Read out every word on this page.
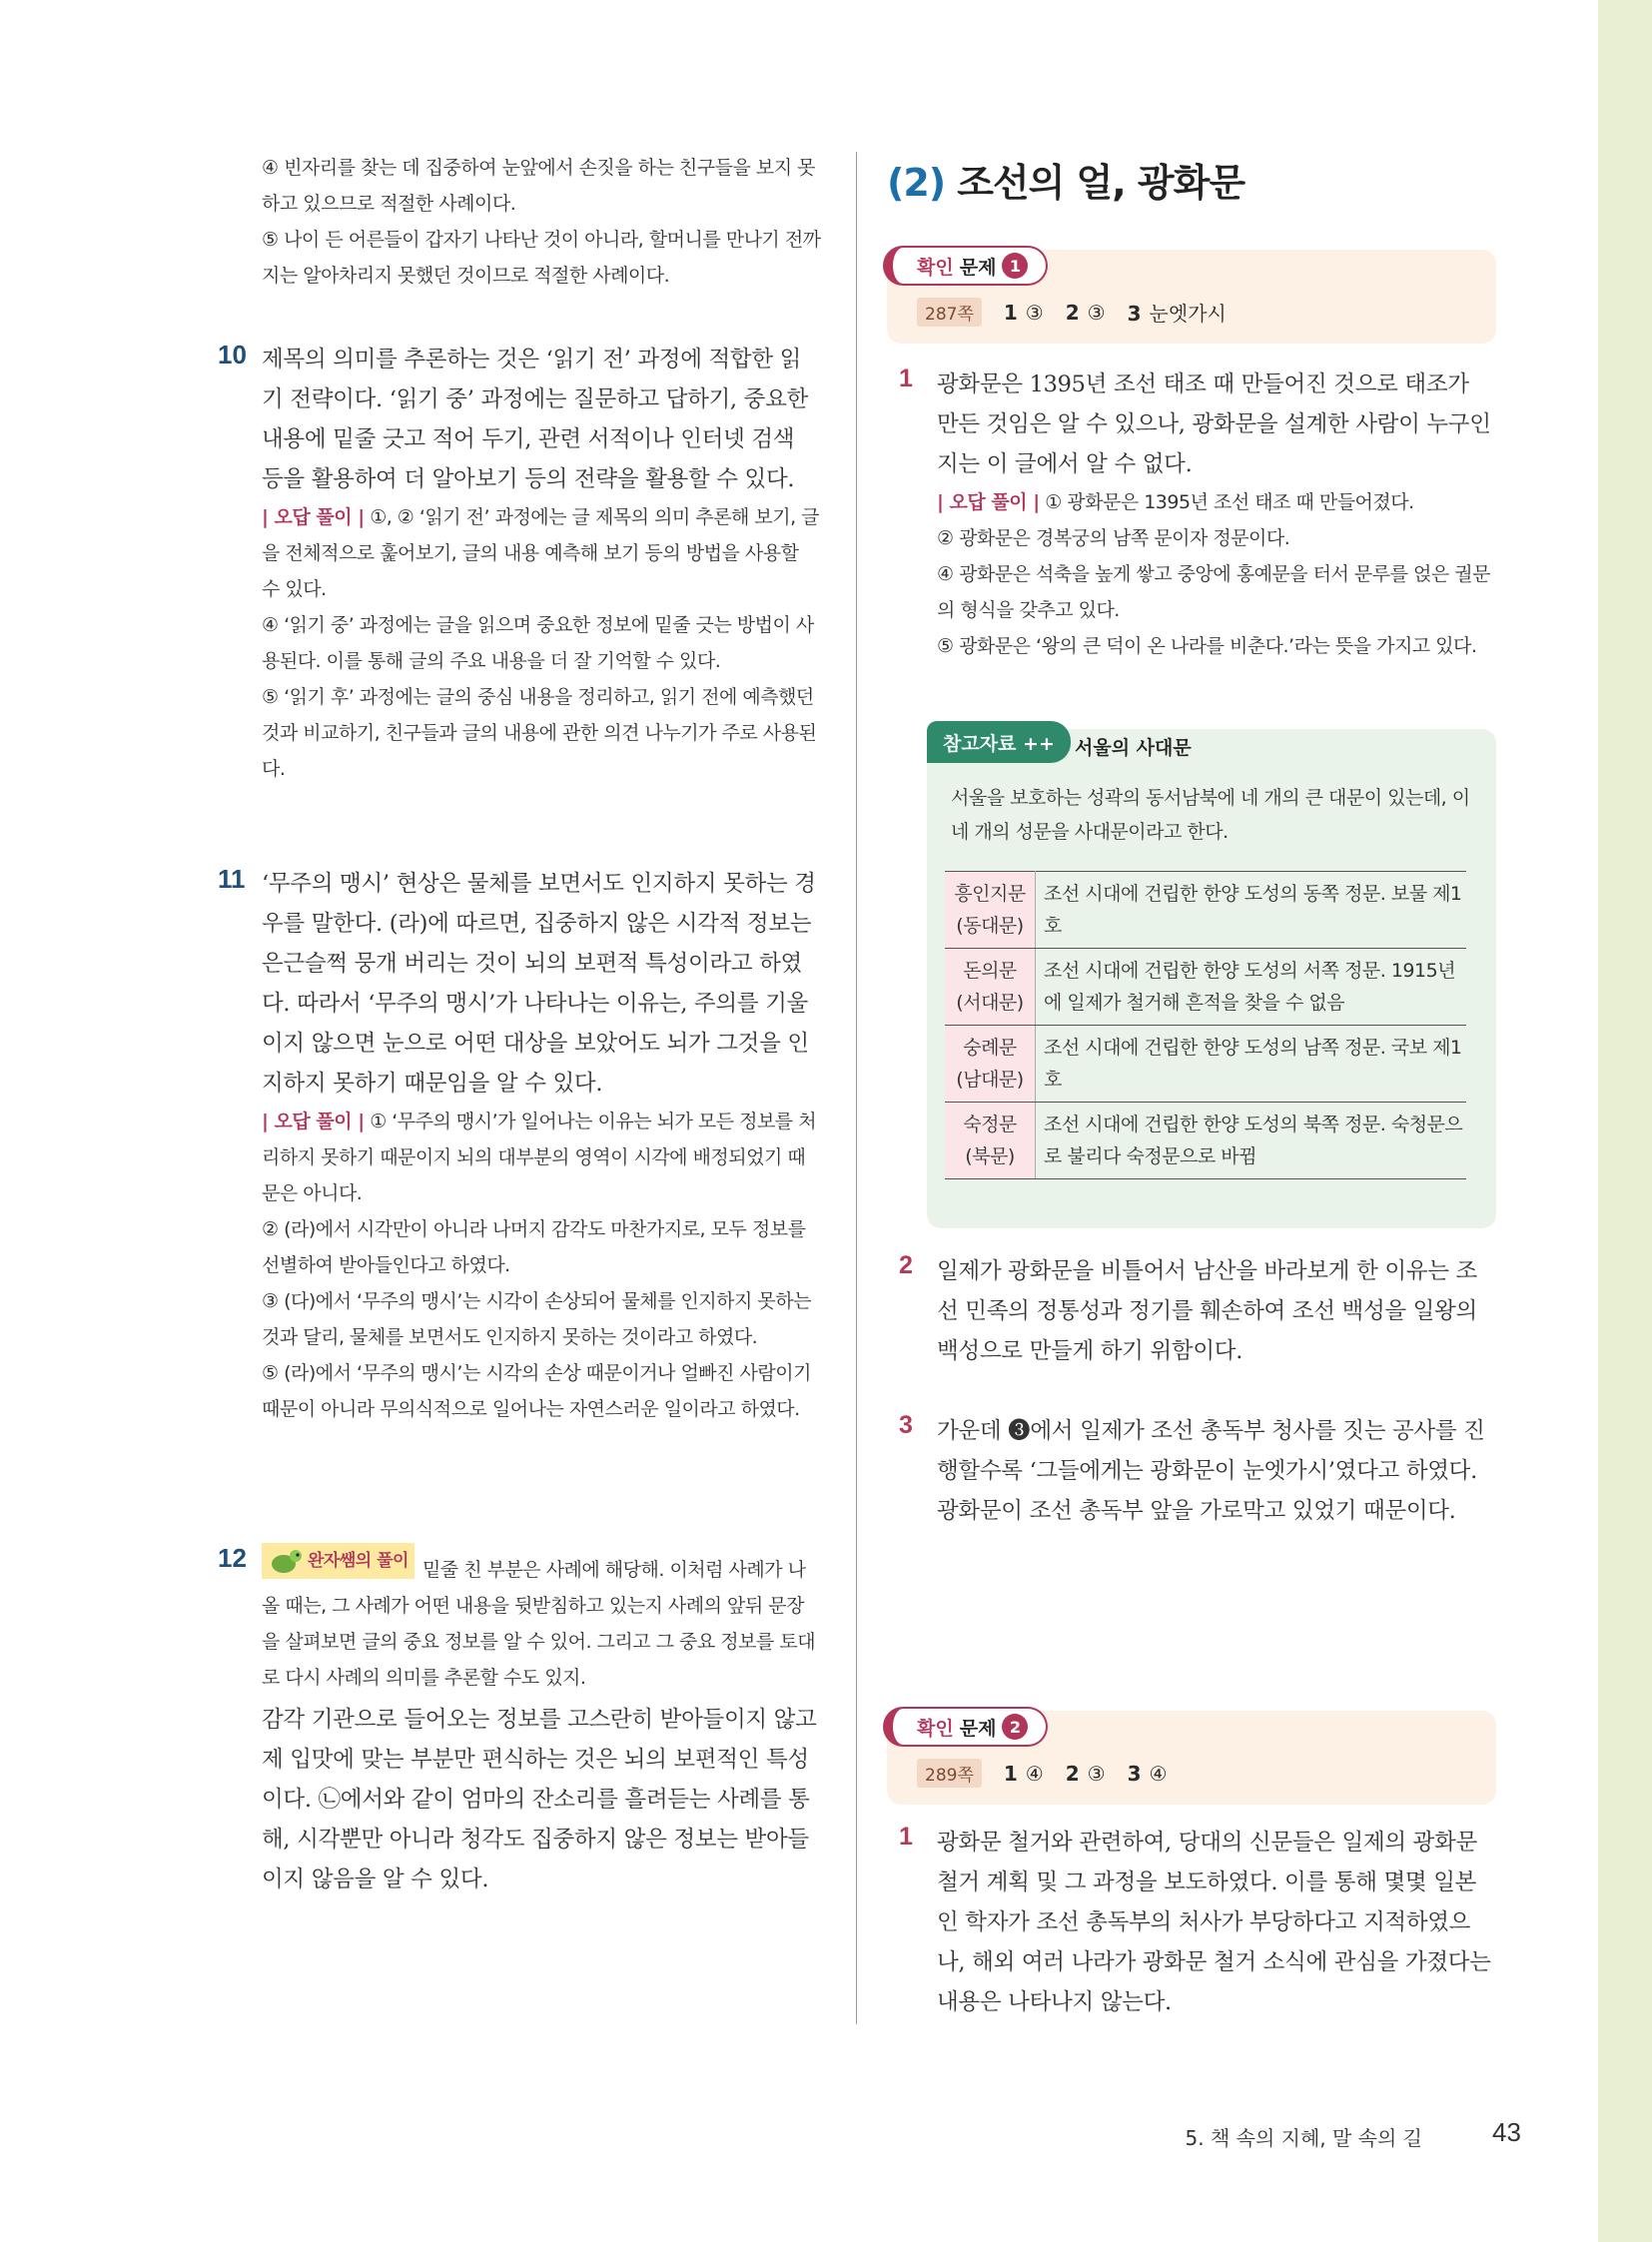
④ 빈자리를 찾는 데 집중하여 눈앞에서 손짓을 하는 친구들을 보지 못하고 있으므로 적절한 사례이다.
⑤ 나이 든 어른들이 갑자기 나타난 것이 아니라, 할머니를 만나기 전까지는 알아차리지 못했던 것이므로 적절한 사례이다.
10 제목의 의미를 추론하는 것은 ‘읽기 전’ 과정에 적합한 읽기 전략이다. ‘읽기 중’ 과정에는 질문하고 답하기, 중요한 내용에 밑줄 긋고 적어 두기, 관련 서적이나 인터넷 검색 등을 활용하여 더 알아보기 등의 전략을 활용할 수 있다.
| 오답 풀이 | ①, ② ‘읽기 전’ 과정에는 글 제목의 의미 추론해 보기, 글을 전체적으로 훑어보기, 글의 내용 예측해 보기 등의 방법을 사용할 수 있다.
④ ‘읽기 중’ 과정에는 글을 읽으며 중요한 정보에 밑줄 긋는 방법이 사용된다. 이를 통해 글의 주요 내용을 더 잘 기억할 수 있다.
⑤ ‘읽기 후’ 과정에는 글의 중심 내용을 정리하고, 읽기 전에 예측했던 것과 비교하기, 친구들과 글의 내용에 관한 의견 나누기가 주로 사용된다.
11 ‘무주의 맹시’ 현상은 물체를 보면서도 인지하지 못하는 경우를 말한다. (라)에 따르면, 집중하지 않은 시각적 정보는 은근슬쩍 뭉개 버리는 것이 뇌의 보편적 특성이라고 하였다. 따라서 ‘무주의 맹시’가 나타나는 이유는, 주의를 기울이지 않으면 눈으로 어떤 대상을 보았어도 뇌가 그것을 인지하지 못하기 때문임을 알 수 있다.
| 오답 풀이 | ① ‘무주의 맹시’가 일어나는 이유는 뇌가 모든 정보를 처리하지 못하기 때문이지 뇌의 대부분의 영역이 시각에 배정되었기 때문은 아니다.
② (라)에서 시각만이 아니라 나머지 감각도 마찬가지로, 모두 정보를 선별하여 받아들인다고 하였다.
③ (다)에서 ‘무주의 맹시’는 시각이 손상되어 물체를 인지하지 못하는 것과 달리, 물체를 보면서도 인지하지 못하는 것이라고 하였다.
⑤ (라)에서 ‘무주의 맹시’는 시각의 손상 때문이거나 얼빠진 사람이기 때문이 아니라 무의식적으로 일어나는 자연스러운 일이라고 하였다.
12	완자쌤의 풀이 밑줄 친 부분은 사례에 해당해. 이처럼 사례가 나올 때는, 그 사례가 어떤 내용을 뒷받침하고 있는지 사례의 앞뒤 문장을 살펴보면 글의 중요 정보를 알 수 있어. 그리고 그 중요 정보를 토대로 다시 사례의 의미를 추론할 수도 있지.
감각 기관으로 들어오는 정보를 고스란히 받아들이지 않고 제 입맛에 맞는 부분만 편식하는 것은 뇌의 보편적인 특성이다. ㉡에서와 같이 엄마의 잔소리를 흘려듣는 사례를 통해, 시각뿐만 아니라 청각도 집중하지 않은 정보는 받아들이지 않음을 알 수 있다.
(2) 조선의 얼, 광화문
확인 문제 1
287쪽	1 ③ 2 ③ 3 눈엣가시
1 광화문은 1395년 조선 태조 때 만들어진 것으로 태조가 만든 것임은 알 수 있으나, 광화문을 설계한 사람이 누구인지는 이 글에서 알 수 없다.
| 오답 풀이 | ① 광화문은 1395년 조선 태조 때 만들어졌다.
② 광화문은 경복궁의 남쪽 문이자 정문이다.
④ 광화문은 석축을 높게 쌓고 중앙에 홍예문을 터서 문루를 얹은 궐문의 형식을 갖추고 있다.
⑤ 광화문은 ‘왕의 큰 덕이 온 나라를 비춘다.’라는 뜻을 가지고 있다.
참고자료 ++	서울의 사대문
서울을 보호하는 성곽의 동서남북에 네 개의 큰 대문이 있는데, 이 네 개의 성문을 사대문이라고 한다.
흥인지문
(동대문)	조선 시대에 건립한 한양 도성의 동쪽 정문. 보물 제1호

돈의문
(서대문)	조선 시대에 건립한 한양 도성의 서쪽 정문. 1915년에 일제가 철거해 흔적을 찾을 수 없음

숭례문
(남대문)	조선 시대에 건립한 한양 도성의 남쪽 정문. 국보 제1호

숙정문
(북문)	조선 시대에 건립한 한양 도성의 북쪽 정문. 숙청문으로 불리다 숙정문으로 바뀜
2 일제가 광화문을 비틀어서 남산을 바라보게 한 이유는 조선 민족의 정통성과 정기를 훼손하여 조선 백성을 일왕의 백성으로 만들게 하기 위함이다.
3 가운데 ❸에서 일제가 조선 총독부 청사를 짓는 공사를 진행할수록 ‘그들에게는 광화문이 눈엣가시’였다고 하였다. 광화문이 조선 총독부 앞을 가로막고 있었기 때문이다.
확인 문제 2
289쪽	1 ④ 2 ③ 3 ④
1 광화문 철거와 관련하여, 당대의 신문들은 일제의 광화문 철거 계획 및 그 과정을 보도하였다. 이를 통해 몇몇 일본인 학자가 조선 총독부의 처사가 부당하다고 지적하였으나, 해외 여러 나라가 광화문 철거 소식에 관심을 가졌다는 내용은 나타나지 않는다.
5. 책 속의 지혜, 말 속의 길	43
